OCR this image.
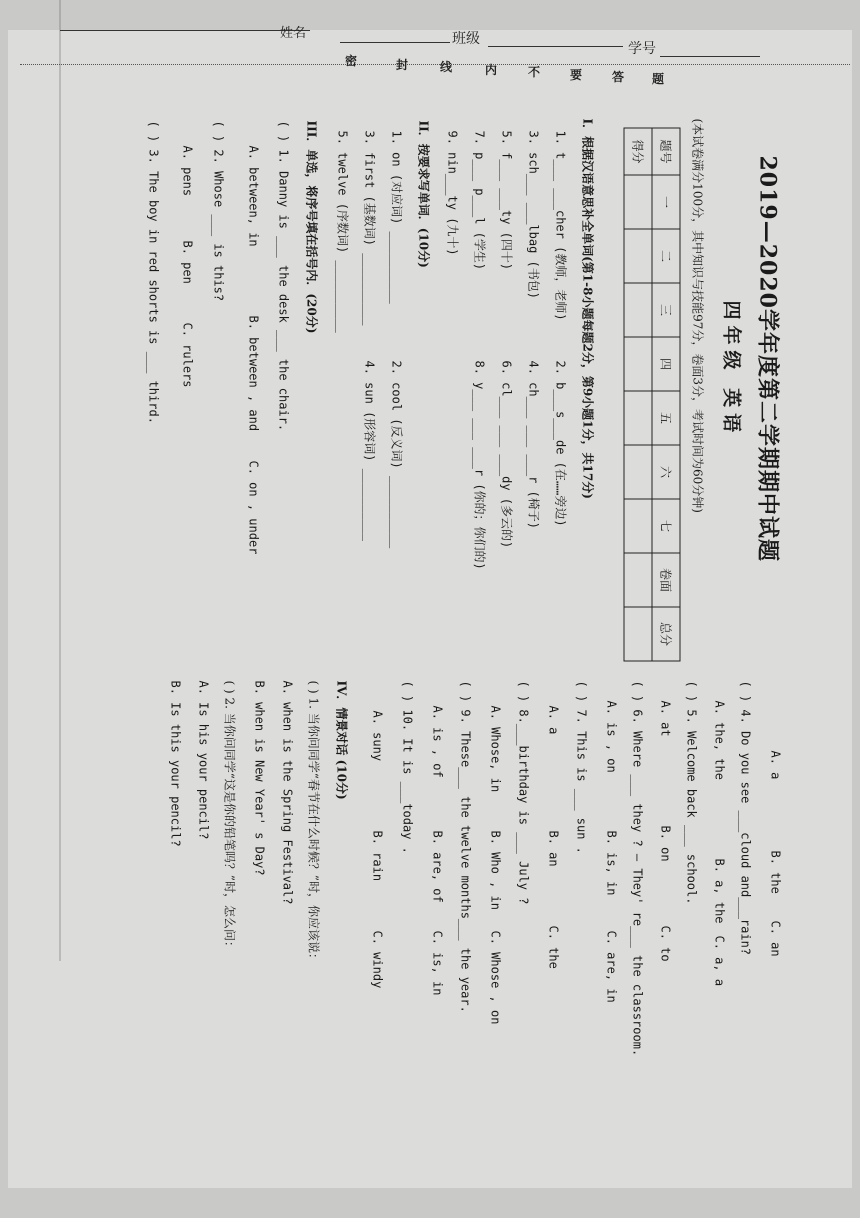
2019—2020学年度第二学期期中试题
四年级 英语
(本试卷满分100分，其中知识与技能97分，卷面3分，考试时间为60分钟)
题号	一	二	三	四	五	六	七	卷面	总分
得分									
I．根据汉语意思补全单词(第1-8小题每题2分，第9小题1分，共17分)
1. t___ ___cher (教师，老师)
2. b___s___de (在……旁边)
3. sch___ ___lbag (书包)
4. ch___ ___ ___r (椅子)
5. f___ ___ty (四十)
6. cl___ ___ ___dy (多云的)
7. p___ p___l (学生)
8. y___ ___ ___r (你的；你们的)
9. nin___ty (九十)
II．按要求写单词．(10分)
1. on (对应词) __________
2. cool (反义词) __________
3. first (基数词) __________
4. sun (形容词) __________
5. twelve (序数词) __________
III．单选，将序号填在括号内．(20分)
( ) 1. Danny is ___ the desk ___ the chair.
A. between, in
B. between , and
C. on , under
( ) 2. Whose ___ is this?
A. pens
B. pen
C. rulers
( ) 3. The boy in red shorts is ___ third.
A. a
B. the
C. an
( ) 4. Do you see ___cloud and___rain?
A. the, the
B. a, the
C. a, a
( ) 5. Welcome back ___ school.
A. at
B. on
C. to
( ) 6. Where ___ they ? — They' re___ the classroom.
A. is , on
B. is, in
C. are, in
( ) 7. This is ___ sun .
A. a
B. an
C. the
( ) 8.___birthday is ___ July ?
A. Whose, in
B. Who , in
C. Whose , on
( ) 9. These___ the twelve months___ the year.
A. is , of
B. are, of
C. is, in
( ) 10. It is ___today .
A. suny
B. rain
C. windy
IV．情景对话 (10分)
( ) 1. 当你问同学“春节在什么时候？”时，你应该说：
A. when is the Spring Festival?
B. when is New Year' s Day?
( ) 2. 当你问同学“这是你的铅笔吗？”时，怎么问：
A. Is his your pencil?
B. Is this your pencil?
姓名	班级
学号
密	封	线	内	不 要 答 题
